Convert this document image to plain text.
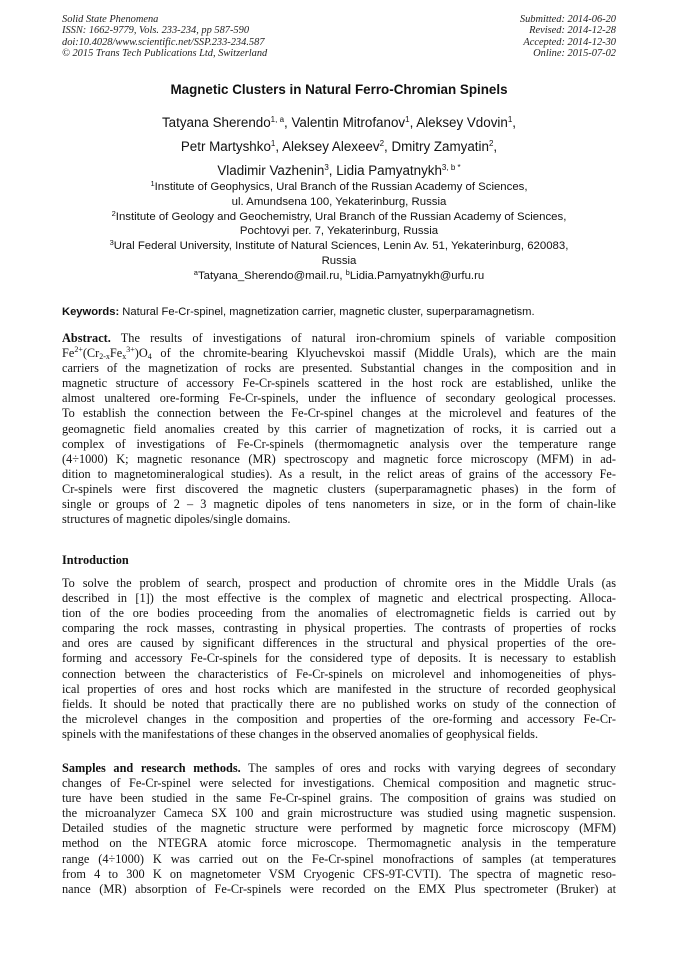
Solid State Phenomena
ISSN: 1662-9779, Vols. 233-234, pp 587-590
doi:10.4028/www.scientific.net/SSP.233-234.587
© 2015 Trans Tech Publications Ltd, Switzerland
Submitted: 2014-06-20
Revised: 2014-12-28
Accepted: 2014-12-30
Online: 2015-07-02
Magnetic Clusters in Natural Ferro-Chromian Spinels
Tatyana Sherendo$^{1, a}$, Valentin Mitrofanov$^1$, Aleksey Vdovin$^1$,
Petr Martyshko$^1$, Aleksey Alexeev$^2$, Dmitry Zamyatin$^2$,
Vladimir Vazhenin$^3$, Lidia Pamyatnykh$^{3, b *}$
$^1$Institute of Geophysics, Ural Branch of the Russian Academy of Sciences,
ul. Amundsena 100, Yekaterinburg, Russia
$^2$Institute of Geology and Geochemistry, Ural Branch of the Russian Academy of Sciences,
Pochtovyi per. 7, Yekaterinburg, Russia
$^3$Ural Federal University, Institute of Natural Sciences, Lenin Av. 51, Yekaterinburg, 620083,
Russia
$^a$Tatyana_Sherendo@mail.ru, $^b$Lidia.Pamyatnykh@urfu.ru
Keywords: Natural Fe-Cr-spinel, magnetization carrier, magnetic cluster, superparamagnetism.
Abstract. The results of investigations of natural iron-chromium spinels of variable composition
$Fe^{2+}(Cr_{2-x}Fe_x^{3+})O_4$ of the chromite-bearing Klyuchevskoi massif (Middle Urals), which are the main
carriers of the magnetization of rocks are presented. Substantial changes in the composition and in
magnetic structure of accessory Fe-Cr-spinels scattered in the host rock are established, unlike the
almost unaltered ore-forming Fe-Cr-spinels, under the influence of secondary geological processes.
To establish the connection between the Fe-Cr-spinel changes at the microlevel and features of the
geomagnetic field anomalies created by this carrier of magnetization of rocks, it is carried out a
complex of investigations of Fe-Cr-spinels (thermomagnetic analysis over the temperature range
(4÷1000) K; magnetic resonance (MR) spectroscopy and magnetic force microscopy (MFM) in ad-
dition to magnetomineralogical studies). As a result, in the relict areas of grains of the accessory Fe-
Cr-spinels were first discovered the magnetic clusters (superparamagnetic phases) in the form of
single or groups of 2 – 3 magnetic dipoles of tens nanometers in size, or in the form of chain-like
structures of magnetic dipoles/single domains.
Introduction
To solve the problem of search, prospect and production of chromite ores in the Middle Urals (as
described in [1]) the most effective is the complex of magnetic and electrical prospecting. Alloca-
tion of the ore bodies proceeding from the anomalies of electromagnetic fields is carried out by
comparing the rock masses, contrasting in physical properties. The contrasts of properties of rocks
and ores are caused by significant differences in the structural and physical properties of the ore-
forming and accessory Fe-Cr-spinels for the considered type of deposits. It is necessary to establish
connection between the characteristics of Fe-Cr-spinels on microlevel and inhomogeneities of phys-
ical properties of ores and host rocks which are manifested in the structure of recorded geophysical
fields. It should be noted that practically there are no published works on study of the connection of
the microlevel changes in the composition and properties of the ore-forming and accessory Fe-Cr-
spinels with the manifestations of these changes in the observed anomalies of geophysical fields.
Samples and research methods. The samples of ores and rocks with varying degrees of secondary
changes of Fe-Cr-spinel were selected for investigations. Chemical composition and magnetic struc-
ture have been studied in the same Fe-Cr-spinel grains. The composition of grains was studied on
the microanalyzer Cameca SX 100 and grain microstructure was studied using magnetic suspension.
Detailed studies of the magnetic structure were performed by magnetic force microscopy (MFM)
method on the NTEGRA atomic force microscope. Thermomagnetic analysis in the temperature
range (4÷1000) K was carried out on the Fe-Cr-spinel monofractions of samples (at temperatures
from 4 to 300 K on magnetometer VSM Cryogenic CFS-9T-CVTI). The spectra of magnetic reso-
nance (MR) absorption of Fe-Cr-spinels were recorded on the EMX Plus spectrometer (Bruker) at
